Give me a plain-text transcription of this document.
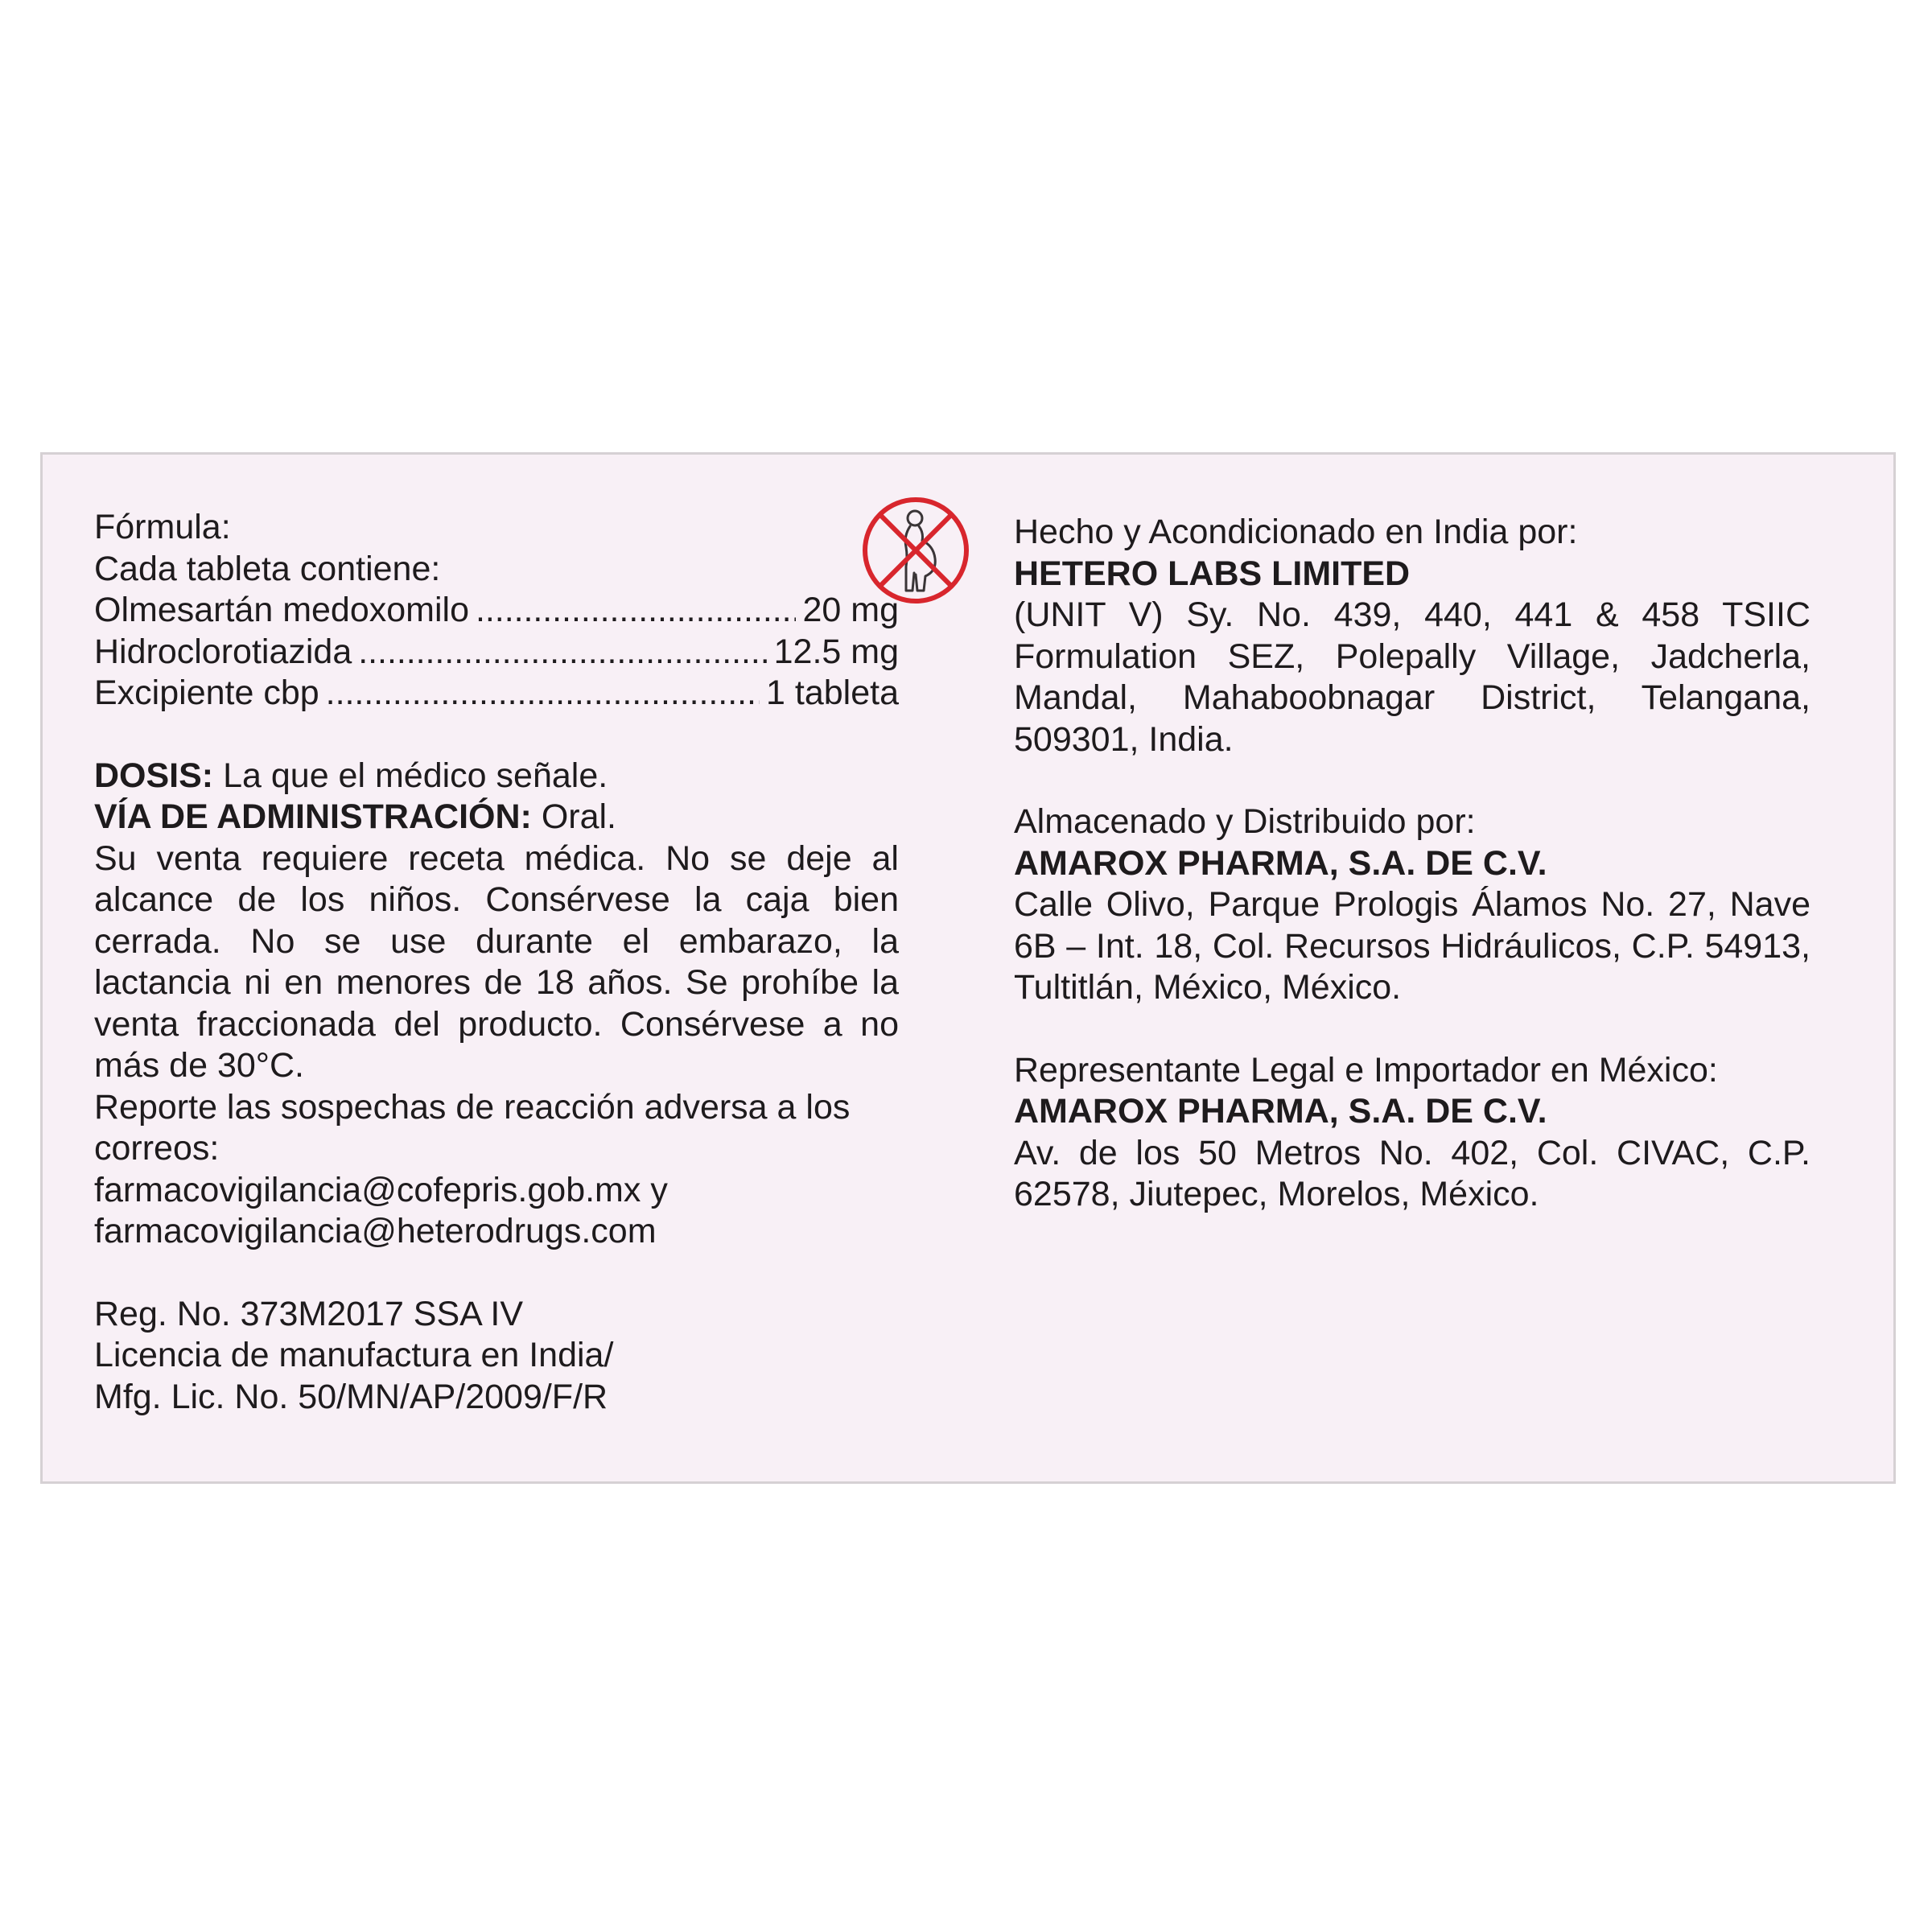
Fórmula:
Cada tableta contiene:
Olmesartán medoxomilo . . .	20 mg
Hidroclorotiazida . . .	12.5 mg
Excipiente cbp . . .	1 tableta
DOSIS: La que el médico señale.
VÍA DE ADMINISTRACIÓN: Oral.
Su venta requiere receta médica. No se deje al alcance de los niños. Consérvese la caja bien cerrada. No se use durante el embarazo, la lactancia ni en menores de 18 años. Se prohíbe la venta fraccionada del producto. Consérvese a no más de 30°C.
Reporte las sospechas de reacción adversa a los correos:
farmacovigilancia@cofepris.gob.mx y
farmacovigilancia@heterodrugs.com
Reg. No. 373M2017 SSA IV
Licencia de manufactura en India/
Mfg. Lic. No. 50/MN/AP/2009/F/R
Hecho y Acondicionado en India por:
HETERO LABS LIMITED
(UNIT V) Sy. No. 439, 440, 441 & 458 TSIIC Formulation SEZ, Polepally Village, Jadcherla, Mandal, Mahaboobnagar District, Telangana, 509301, India.
Almacenado y Distribuido por:
AMAROX PHARMA, S.A. DE C.V.
Calle Olivo, Parque Prologis Álamos No. 27, Nave 6B – Int. 18, Col. Recursos Hidráulicos, C.P. 54913, Tultitlán, México, México.
Representante Legal e Importador en México:
AMAROX PHARMA, S.A. DE C.V.
Av. de los 50 Metros No. 402, Col. CIVAC, C.P. 62578, Jiutepec, Morelos, México.
